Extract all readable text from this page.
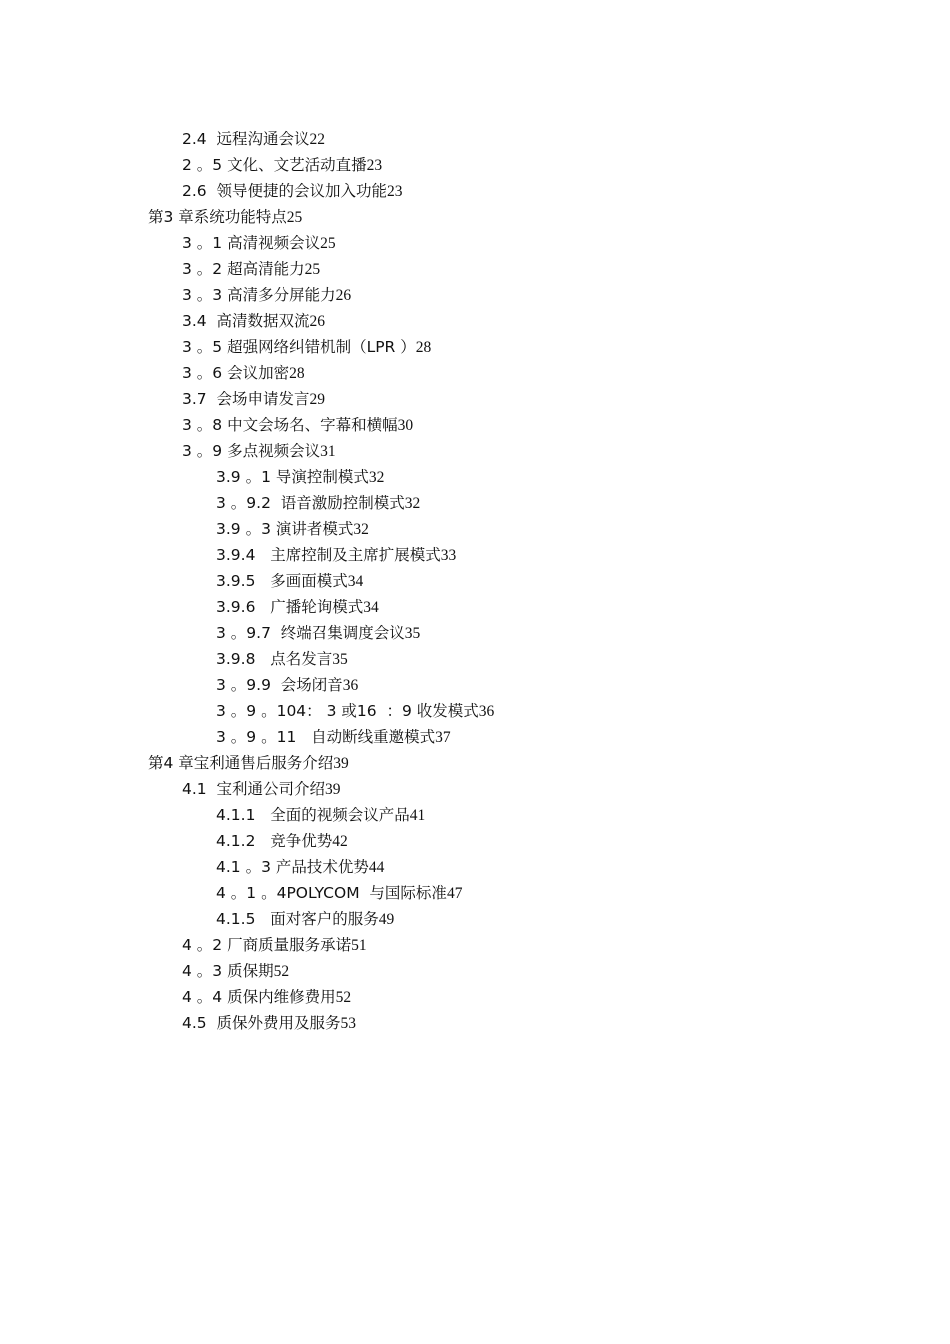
2.4  远程沟通会议22
2 。5 文化、文艺活动直播23
2.6  领导便捷的会议加入功能23
第3 章系统功能特点25
3 。1 高清视频会议25
3 。2 超高清能力25
3 。3 高清多分屏能力26
3.4  高清数据双流26
3 。5 超强网络纠错机制（LPR ）28
3 。6 会议加密28
3.7  会场申请发言29
3 。8 中文会场名、字幕和横幅30
3 。9 多点视频会议31
3.9 。1 导演控制模式32
3 。9.2  语音激励控制模式32
3.9 。3 演讲者模式32
3.9.4   主席控制及主席扩展模式33
3.9.5   多画面模式34
3.9.6   广播轮询模式34
3 。9.7  终端召集调度会议35
3.9.8   点名发言35
3 。9.9  会场闭音36
3 。9 。104： 3 或16  ：9 收发模式36
3 。9 。11   自动断线重邀模式37
第4 章宝利通售后服务介绍39
4.1  宝利通公司介绍39
4.1.1   全面的视频会议产品41
4.1.2   竞争优势42
4.1 。3 产品技术优势44
4 。1 。4POLYCOM  与国际标准47
4.1.5   面对客户的服务49
4 。2 厂商质量服务承诺51
4 。3 质保期52
4 。4 质保内维修费用52
4.5  质保外费用及服务53
